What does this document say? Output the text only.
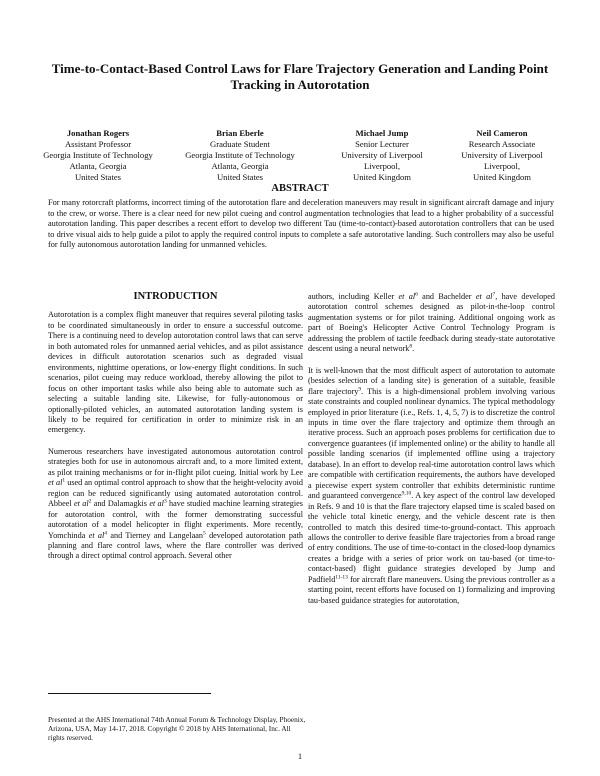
Time-to-Contact-Based Control Laws for Flare Trajectory Generation and Landing Point Tracking in Autorotation
Jonathan Rogers
Assistant Professor
Georgia Institute of Technology
Atlanta, Georgia
United States
Brian Eberle
Graduate Student
Georgia Institute of Technology
Atlanta, Georgia
United States
Michael Jump
Senior Lecturer
University of Liverpool
Liverpool,
United Kingdom
Neil Cameron
Research Associate
University of Liverpool
Liverpool,
United Kingdom
ABSTRACT
For many rotorcraft platforms, incorrect timing of the autorotation flare and deceleration maneuvers may result in significant aircraft damage and injury to the crew, or worse. There is a clear need for new pilot cueing and control augmentation technologies that lead to a higher probability of a successful autorotation landing. This paper describes a recent effort to develop two different Tau (time-to-contact)-based autorotation controllers that can be used to drive visual aids to help guide a pilot to apply the required control inputs to complete a safe autorotative landing. Such controllers may also be useful for fully autonomous autorotation landing for unmanned vehicles.
INTRODUCTION

Autorotation is a complex flight maneuver that requires several piloting tasks to be coordinated simultaneously in order to ensure a successful outcome. There is a continuing need to develop autorotation control laws that can serve in both automated roles for unmanned aerial vehicles, and as pilot assistance devices in difficult autorotation scenarios such as degraded visual environments, nighttime operations, or low-energy flight conditions. In such scenarios, pilot cueing may reduce workload, thereby allowing the pilot to focus on other important tasks while also being able to automate such as selecting a suitable landing site. Likewise, for fully-autonomous or optionally-piloted vehicles, an automated autorotation landing system is likely to be required for certification in order to minimize risk in an emergency.

Numerous researchers have investigated autonomous autorotation control strategies both for use in autonomous aircraft and, to a more limited extent, as pilot training mechanisms or for in-flight pilot cueing. Initial work by Lee et $al^1$ used an optimal control approach to show that the height-velocity avoid region can be reduced significantly using automated autorotation control. Abbeel et $al^2$ and Dalamagkis et $al^3$ have studied machine learning strategies for autorotation control, with the former demonstrating successful autorotation of a model helicopter in flight experiments. More recently, Yomchinda et $al^4$ and Tierney and Langelaan$^5$ developed autorotation path planning and flare control laws, where the flare controller was derived through a direct optimal control approach. Several other

authors, including Keller et $al^6$ and Bachelder et $al^7$, have developed autorotation control schemes designed as pilot-in-the-loop control augmentation systems or for pilot training. Additional ongoing work as part of Boeing's Helicopter Active Control Technology Program is addressing the problem of tactile feedback during steady-state autorotative descent using a neural network$^8$.

It is well-known that the most difficult aspect of autorotation to automate (besides selection of a landing site) is generation of a suitable, feasible flare trajectory$^9$. This is a high-dimensional problem involving various state constraints and coupled nonlinear dynamics. The typical methodology employed in prior literature (i.e., Refs. 1, 4, 5, 7) is to discretize the control inputs in time over the flare trajectory and optimize them through an iterative process. Such an approach poses problems for certification due to convergence guarantees (if implemented online) or the ability to handle all possible landing scenarios (if implemented offline using a trajectory database). In an effort to develop real-time autorotation control laws which are compatible with certification requirements, the authors have developed a piecewise expert system controller that exhibits deterministic runtime and guaranteed convergence$^{9,10}$. A key aspect of the control law developed in Refs. 9 and 10 is that the flare trajectory elapsed time is scaled based on the vehicle total kinetic energy, and the vehicle descent rate is then controlled to match this desired time-to-ground-contact. This approach allows the controller to derive feasible flare trajectories from a broad range of entry conditions. The use of time-to-contact in the closed-loop dynamics creates a bridge with a series of prior work on tau-based (or time-to-contact-based) flight guidance strategies developed by Jump and Padfield$^{11-13}$ for aircraft flare maneuvers. Using the previous controller as a starting point, recent efforts have focused on 1) formalizing and improving tau-based guidance strategies for autorotation,

Presented at the AHS International 74th Annual Forum & Technology Display, Phoenix, Arizona, USA, May 14-17, 2018. Copyright © 2018 by AHS International, Inc. All rights reserved.
1
